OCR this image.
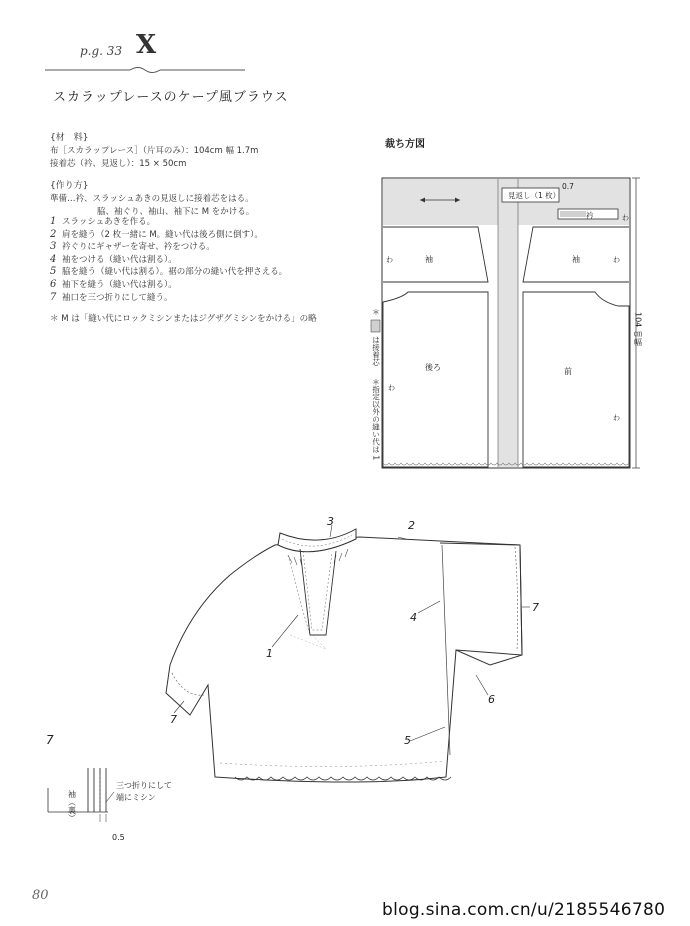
p.g. 33 X
スカラップレースのケープ風ブラウス
{材　料}
布［スカラップレース］（片耳のみ）：104cm 幅 1.7m
接着芯（衿、見返し）：15 × 50cm
{作り方}
準備…衿、スラッシュあきの見返しに接着芯をはる。
脇、袖ぐり、袖山、袖下に M をかける。
1 スラッシュあきを作る。
2 肩を縫う（2 枚一緒に M。縫い代は後ろ側に倒す）。
3 衿ぐりにギャザーを寄せ、衿をつける。
4 袖をつける（縫い代は割る）。
5 脇を縫う（縫い代は割る）。裾の部分の縫い代を押さえる。
6 袖下を縫う（縫い代は割る）。
7 袖口を三つ折りにして縫う。
＊ M は「縫い代にロックミシンまたはジグザグミシンをかける」の略
裁ち方図
見返し（1 枚）
0.7
衿	わ
袖
わ	袖	わ
後ろ
わ
前
わ
104 ㎝幅
＊
は接着芯
＊指定以外の縫い代は 1
1
2
3
4
5
6
7
7
7
袖（裏）
三つ折りにして
端にミシン
0.5
80
blog.sina.com.cn/u/2185546780
